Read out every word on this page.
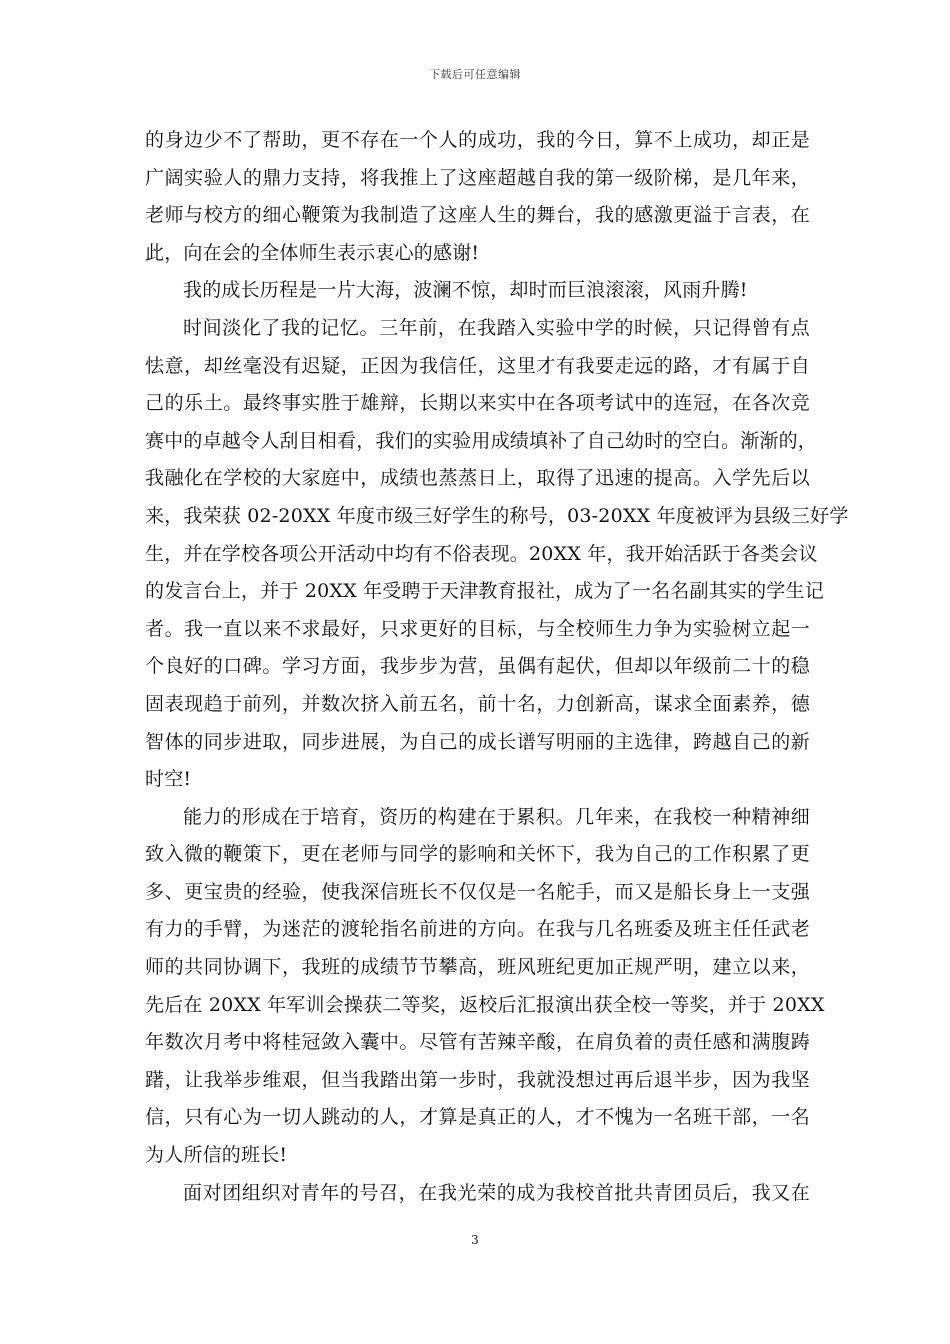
下载后可任意编辑
的身边少不了帮助，更不存在一个人的成功，我的今日，算不上成功，却正是
广阔实验人的鼎力支持，将我推上了这座超越自我的第一级阶梯，是几年来，
老师与校方的细心鞭策为我制造了这座人生的舞台，我的感激更溢于言表，在
此，向在会的全体师生表示衷心的感谢!
我的成长历程是一片大海，波澜不惊，却时而巨浪滚滚，风雨升腾!
时间淡化了我的记忆。三年前，在我踏入实验中学的时候，只记得曾有点
怯意，却丝毫没有迟疑，正因为我信任，这里才有我要走远的路，才有属于自
己的乐土。最终事实胜于雄辩，长期以来实中在各项考试中的连冠，在各次竞
赛中的卓越令人刮目相看，我们的实验用成绩填补了自己幼时的空白。渐渐的，
我融化在学校的大家庭中，成绩也蒸蒸日上，取得了迅速的提高。入学先后以
来，我荣获 02-20XX 年度市级三好学生的称号，03-20XX 年度被评为县级三好学
生，并在学校各项公开活动中均有不俗表现。20XX 年，我开始活跃于各类会议
的发言台上，并于 20XX 年受聘于天津教育报社，成为了一名名副其实的学生记
者。我一直以来不求最好，只求更好的目标，与全校师生力争为实验树立起一
个良好的口碑。学习方面，我步步为营，虽偶有起伏，但却以年级前二十的稳
固表现趋于前列，并数次挤入前五名，前十名，力创新高，谋求全面素养，德
智体的同步进取，同步进展，为自己的成长谱写明丽的主选律，跨越自己的新
时空!
能力的形成在于培育，资历的构建在于累积。几年来，在我校一种精神细
致入微的鞭策下，更在老师与同学的影响和关怀下，我为自己的工作积累了更
多、更宝贵的经验，使我深信班长不仅仅是一名舵手，而又是船长身上一支强
有力的手臂，为迷茫的渡轮指名前进的方向。在我与几名班委及班主任任武老
师的共同协调下，我班的成绩节节攀高，班风班纪更加正规严明，建立以来，
先后在 20XX 年军训会操获二等奖，返校后汇报演出获全校一等奖，并于 20XX
年数次月考中将桂冠敛入囊中。尽管有苦辣辛酸，在肩负着的责任感和满腹踌
躇，让我举步维艰，但当我踏出第一步时，我就没想过再后退半步，因为我坚
信，只有心为一切人跳动的人，才算是真正的人，才不愧为一名班干部，一名
为人所信的班长!
面对团组织对青年的号召，在我光荣的成为我校首批共青团员后，我又在
3
